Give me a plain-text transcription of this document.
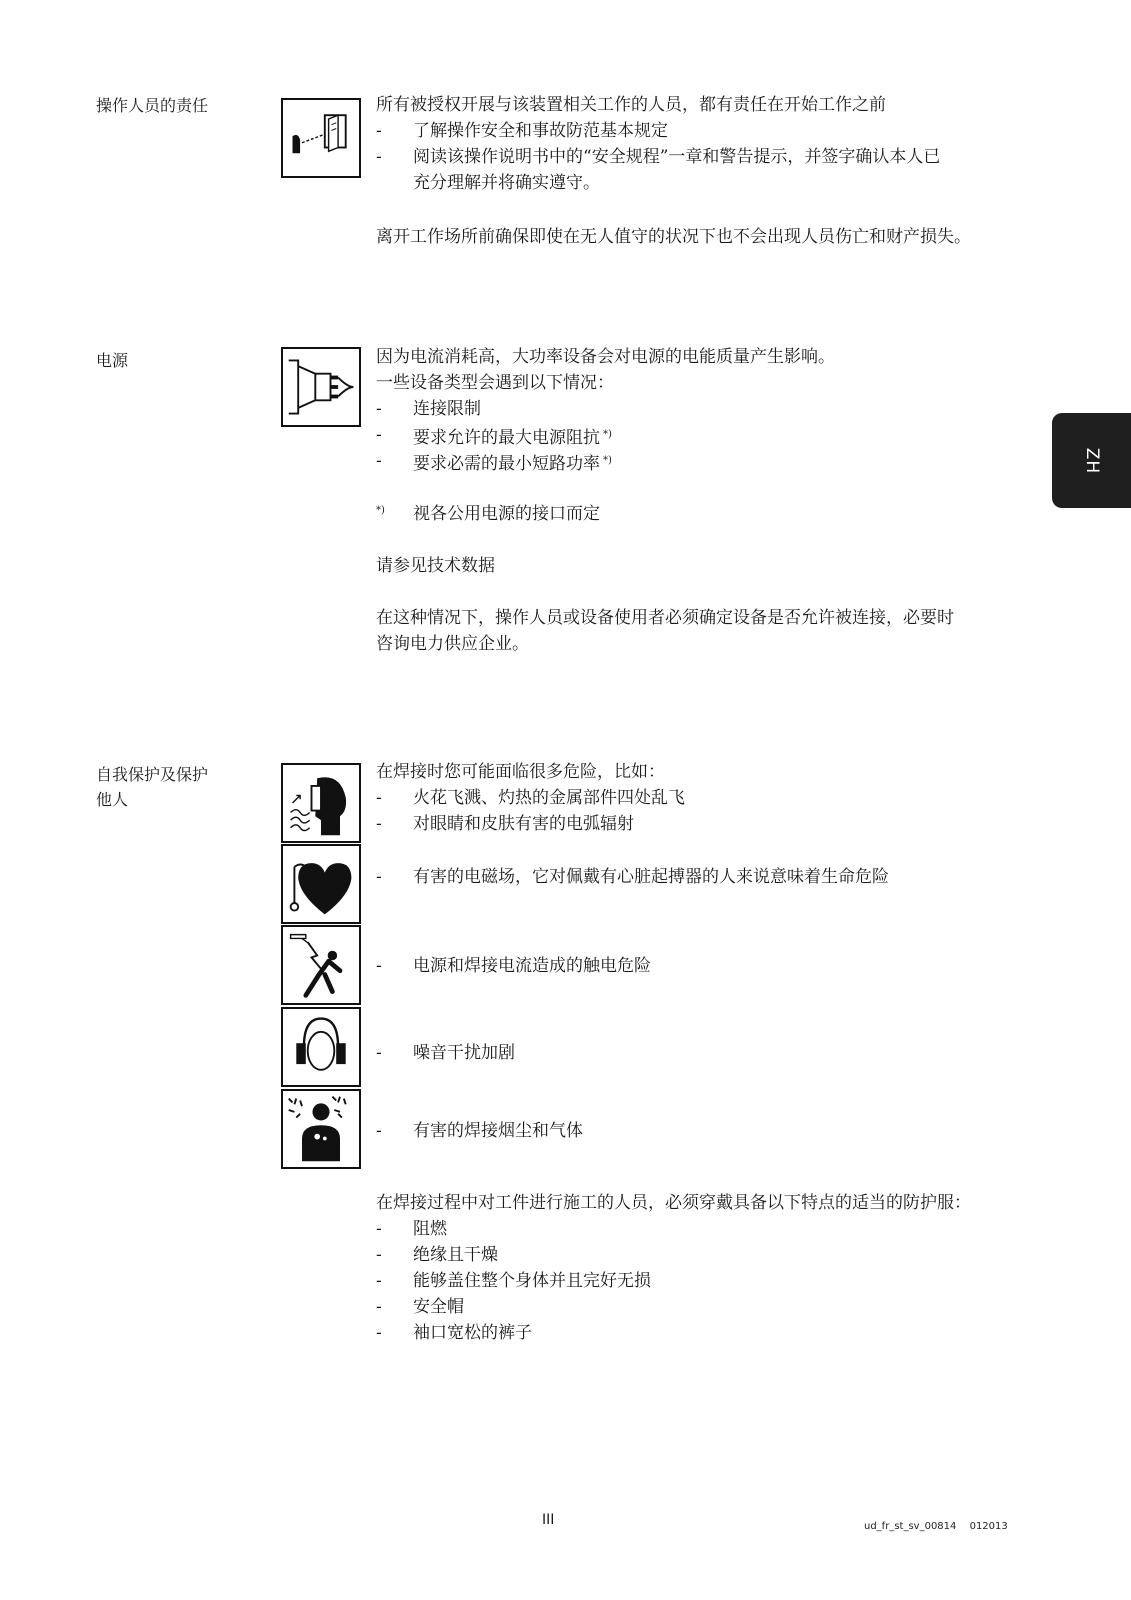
操作人员的责任	所有被授权开展与该装置相关工作的人员，都有责任在开始工作之前
- 了解操作安全和事故防范基本规定
- 阅读该操作说明书中的“安全规程”一章和警告提示，并签字确认本人已
充分理解并将确实遵守。
离开工作场所前确保即使在无人值守的状况下也不会出现人员伤亡和财产损失。
电源	因为电流消耗高，大功率设备会对电源的电能质量产生影响。
一些设备类型会遇到以下情况：
- 连接限制
- 要求允许的最大电源阻抗 *)
- 要求必需的最小短路功率 *)
*) 视各公用电源的接口而定
请参见技术数据
在这种情况下，操作人员或设备使用者必须确定设备是否允许被连接，必要时
咨询电力供应企业。
自我保护及保护
他人
在焊接时您可能面临很多危险，比如：
- 火花飞溅、灼热的金属部件四处乱飞
- 对眼睛和皮肤有害的电弧辐射
- 有害的电磁场，它对佩戴有心脏起搏器的人来说意味着生命危险
- 电源和焊接电流造成的触电危险
- 噪音干扰加剧
- 有害的焊接烟尘和气体
在焊接过程中对工件进行施工的人员，必须穿戴具备以下特点的适当的防护服：
- 阻燃
- 绝缘且干燥
- 能够盖住整个身体并且完好无损
- 安全帽
- 袖口宽松的裤子
ZH
III	ud_fr_st_sv_00814 012013
